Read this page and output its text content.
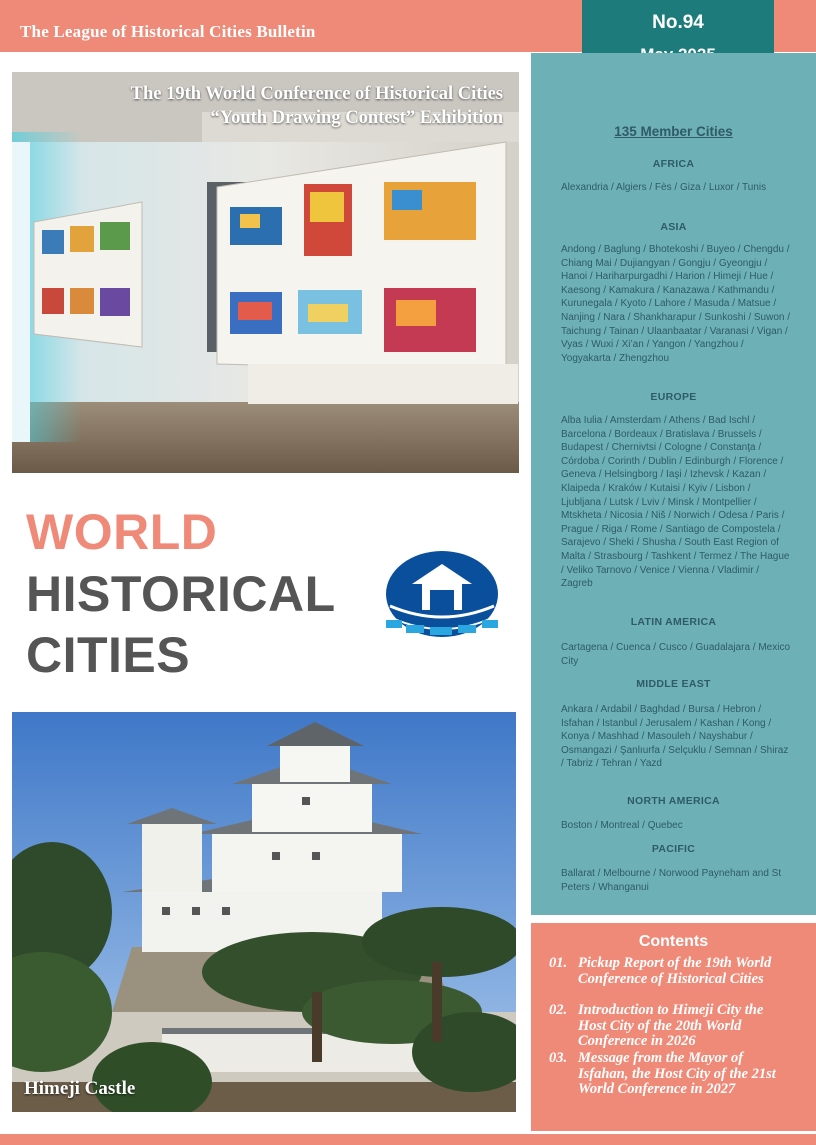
The League of Historical Cities Bulletin	No.94
The 19th World Conference of Historical Cities
“Youth Drawing Contest” Exhibition
WORLD
HISTORICAL
CITIES
Himeji Castle
135 Member Cities
AFRICA
Alexandria / Algiers / Fès / Giza / Luxor / Tunis
ASIA
Andong / Baglung / Bhotekoshi / Buyeo / Chengdu / Chiang Mai / Dujiangyan / Gongju / Gyeongju / Hanoi / Hariharpurgadhi / Harion / Himeji / Hue / Kaesong / Kamakura / Kanazawa / Kathmandu / Kurunegala / Kyoto / Lahore / Masuda / Matsue / Nanjing / Nara / Shankharapur / Sunkoshi / Suwon / Taichung / Tainan / Ulaanbaatar / Varanasi / Vigan / Vyas / Wuxi / Xi’an / Yangon / Yangzhou / Yogyakarta / Zhengzhou
EUROPE
Alba Iulia / Amsterdam / Athens / Bad Ischl / Barcelona / Bordeaux / Bratislava / Brussels / Budapest / Chernivtsi / Cologne / Constanţa / Córdoba / Corinth / Dublin / Edinburgh / Florence / Geneva / Helsingborg / Iaşi / Izhevsk / Kazan / Klaipeda / Kraków / Kutaisi / Kyiv / Lisbon / Ljubljana / Lutsk / Lviv / Minsk / Montpellier / Mtskheta / Nicosia / Niš / Norwich / Odesa / Paris / Prague / Riga / Rome / Santiago de Compostela / Sarajevo / Sheki / Shusha / South East Region of Malta / Strasbourg / Tashkent / Termez / The Hague / Veliko Tarnovo / Venice / Vienna / Vladimir / Zagreb
LATIN AMERICA
Cartagena / Cuenca / Cusco / Guadalajara / Mexico City
MIDDLE EAST
Ankara / Ardabil / Baghdad / Bursa / Hebron / Isfahan / Istanbul / Jerusalem / Kashan / Kong / Konya / Mashhad / Masouleh / Nayshabur / Osmangazi / Şanlıurfa / Selçuklu / Semnan / Shiraz / Tabriz / Tehran / Yazd
NORTH AMERICA
Boston / Montreal / Quebec
PACIFIC
Ballarat / Melbourne / Norwood Payneham and St Peters / Whanganui
Contents
01. Pickup Report of the 19th World Conference of Historical Cities
02. Introduction to Himeji City the Host City of the 20th World Conference in 2026
03. Message from the Mayor of Isfahan, the Host City of the 21st World Conference in 2027
